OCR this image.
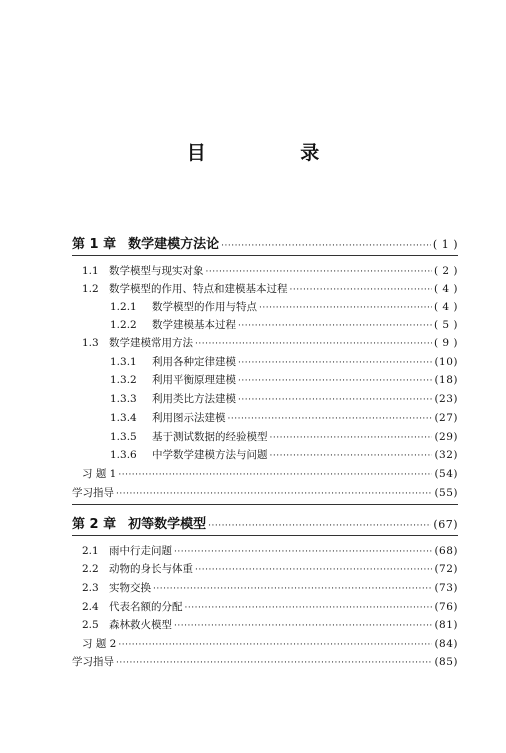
目 录
第 1 章 数学建模方法论 ·····	( 1 )
1.1 数学模型与现实对象 ·····	( 2 )
1.2 数学模型的作用、特点和建模基本过程 ·····	( 4 )
1.2.1	数学模型的作用与特点 ·····	( 4 )
1.2.2	数学建模基本过程 ·····	( 5 )
1.3 数学建模常用方法 ·····	( 9 )
1.3.1	利用各种定律建模 ·····	(10)
1.3.2	利用平衡原理建模 ·····	(18)
1.3.3	利用类比方法建模 ·····	(23)
1.3.4	利用图示法建模 ·····	(27)
1.3.5	基于测试数据的经验模型 ·····	(29)
1.3.6	中学数学建模方法与问题 ·····	(32)
习 题 1 ·····	(54)
学习指导 ·····	(55)
第 2 章 初等数学模型 ·····	(67)
2.1 雨中行走问题 ·····	(68)
2.2 动物的身长与体重 ·····	(72)
2.3 实物交换 ·····	(73)
2.4 代表名额的分配 ·····	(76)
2.5 森林救火模型 ·····	(81)
习 题 2 ·····	(84)
学习指导 ·····	(85)
